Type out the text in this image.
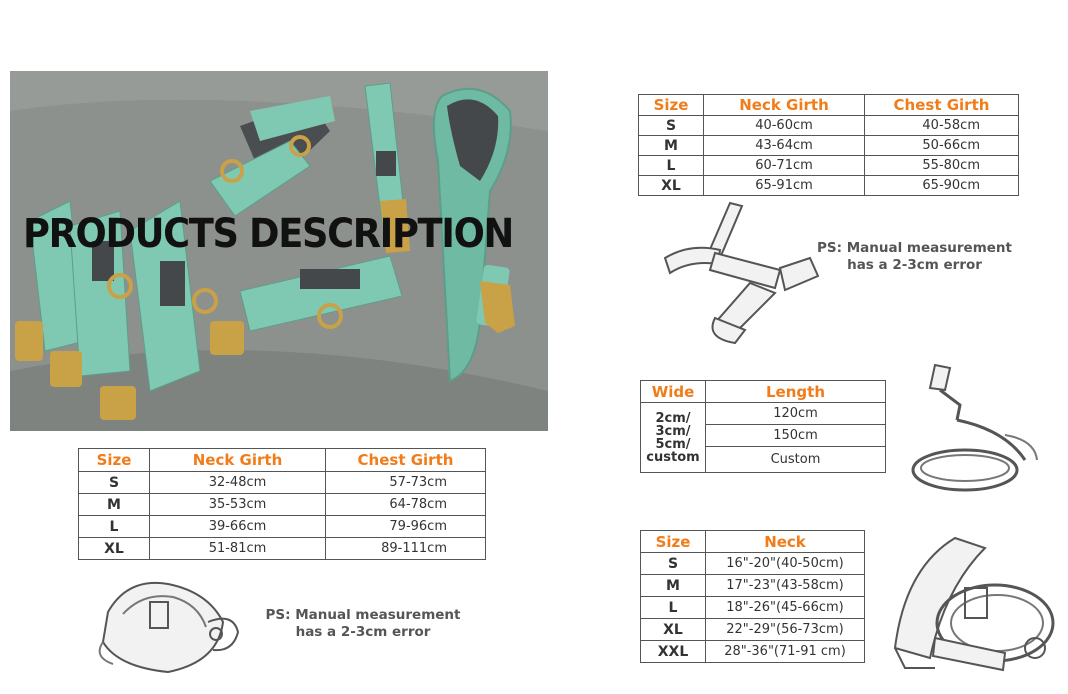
PRODUCTS DESCRIPTION
Size	Neck Girth	Chest Girth
S	32-48cm	57-73cm
M	35-53cm	64-78cm
L	39-66cm	79-96cm
XL	51-81cm	89-111cm
PS: Manual measurement
has a 2-3cm error
Size	Neck Girth	Chest Girth
S	40-60cm	40-58cm
M	43-64cm	50-66cm
L	60-71cm	55-80cm
XL	65-91cm	65-90cm
PS: Manual measurement
has a 2-3cm error
Wide	Length
2cm/ 3cm/ 5cm/ custom	120cm
	150cm
	Custom
Size	Neck
S	16"-20"(40-50cm)
M	17"-23"(43-58cm)
L	18"-26"(45-66cm)
XL	22"-29"(56-73cm)
XXL	28"-36"(71-91 cm)
